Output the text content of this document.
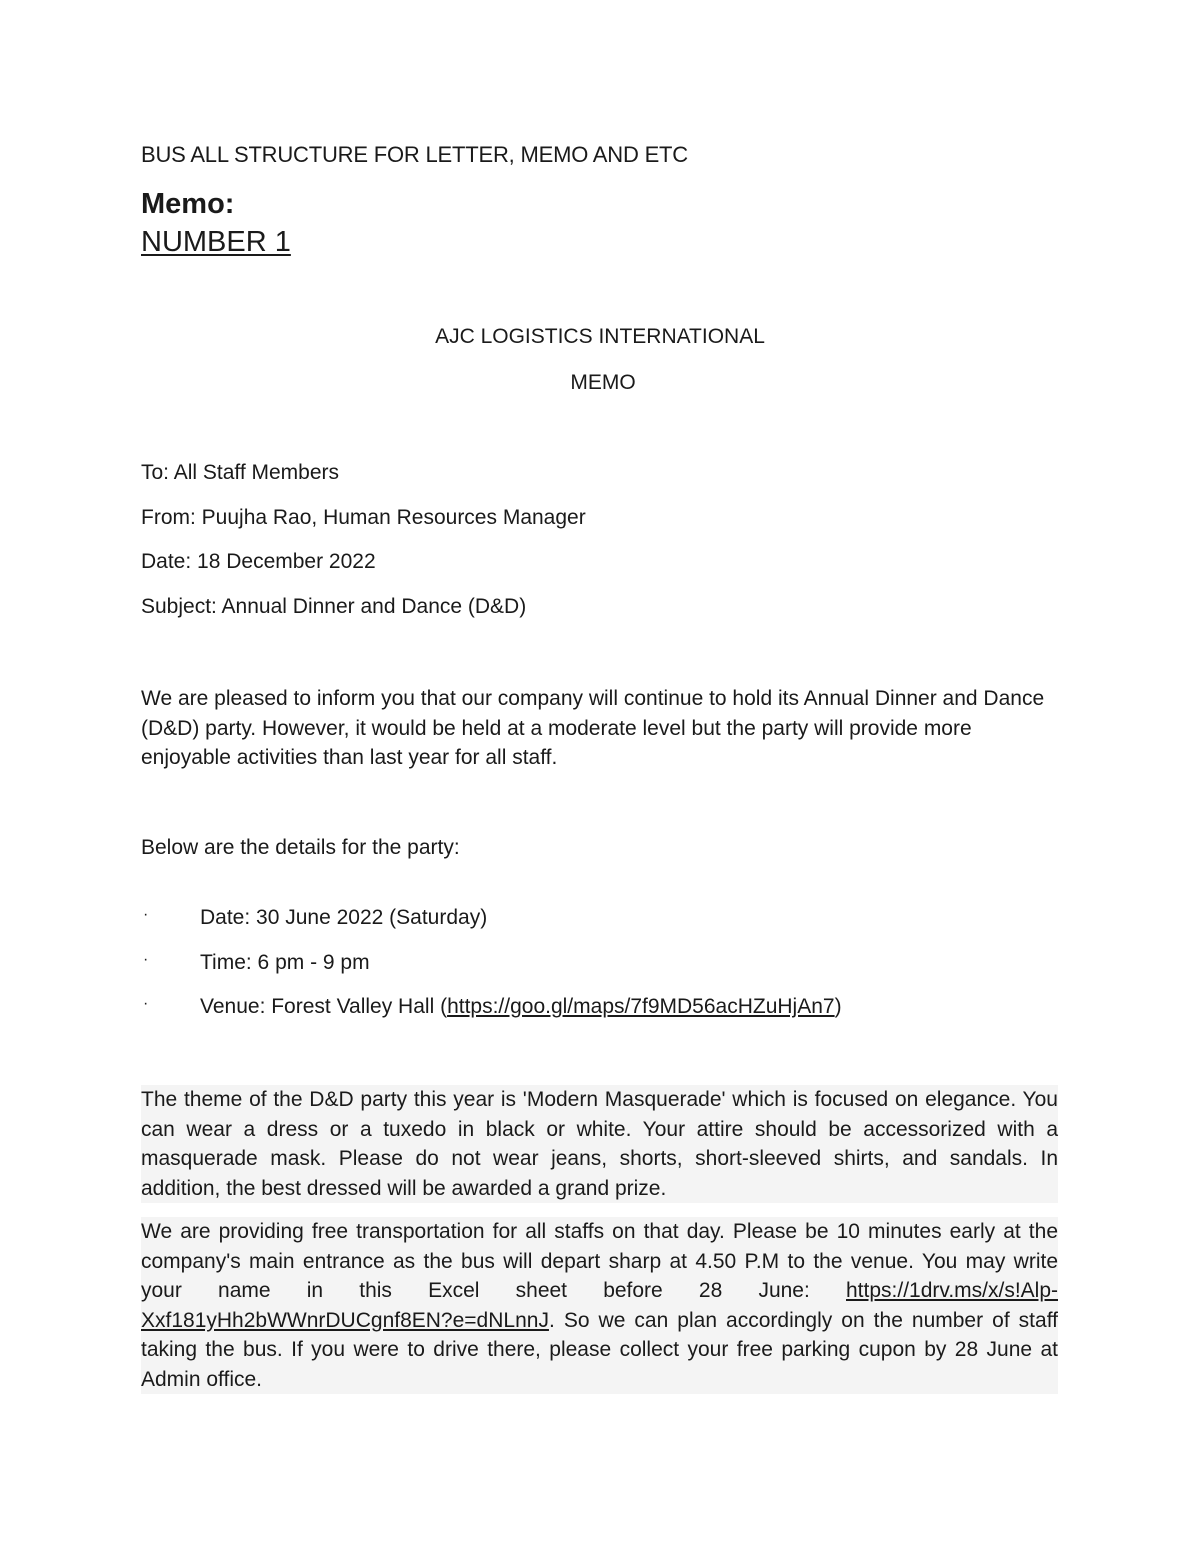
BUS ALL STRUCTURE FOR LETTER, MEMO AND ETC
Memo:
NUMBER 1
AJC LOGISTICS INTERNATIONAL
MEMO
To: All Staff Members
From: Puujha Rao, Human Resources Manager
Date: 18 December 2022
Subject: Annual Dinner and Dance (D&D)
We are pleased to inform you that our company will continue to hold its Annual Dinner and Dance (D&D) party. However, it would be held at a moderate level but the party will provide more enjoyable activities than last year for all staff.
Below are the details for the party:
· Date: 30 June 2022 (Saturday)
· Time: 6 pm - 9 pm
· Venue: Forest Valley Hall (https://goo.gl/maps/7f9MD56acHZuHjAn7)
The theme of the D&D party this year is 'Modern Masquerade' which is focused on elegance. You can wear a dress or a tuxedo in black or white. Your attire should be accessorized with a masquerade mask. Please do not wear jeans, shorts, short-sleeved shirts, and sandals. In addition, the best dressed will be awarded a grand prize.
We are providing free transportation for all staffs on that day. Please be 10 minutes early at the company's main entrance as the bus will depart sharp at 4.50 P.M to the venue. You may write your name in this Excel sheet before 28 June: https://1drv.ms/x/s!Alp-Xxf181yHh2bWWnrDUCgnf8EN?e=dNLnnJ. So we can plan accordingly on the number of staff taking the bus. If you were to drive there, please collect your free parking cupon by 28 June at Admin office.
